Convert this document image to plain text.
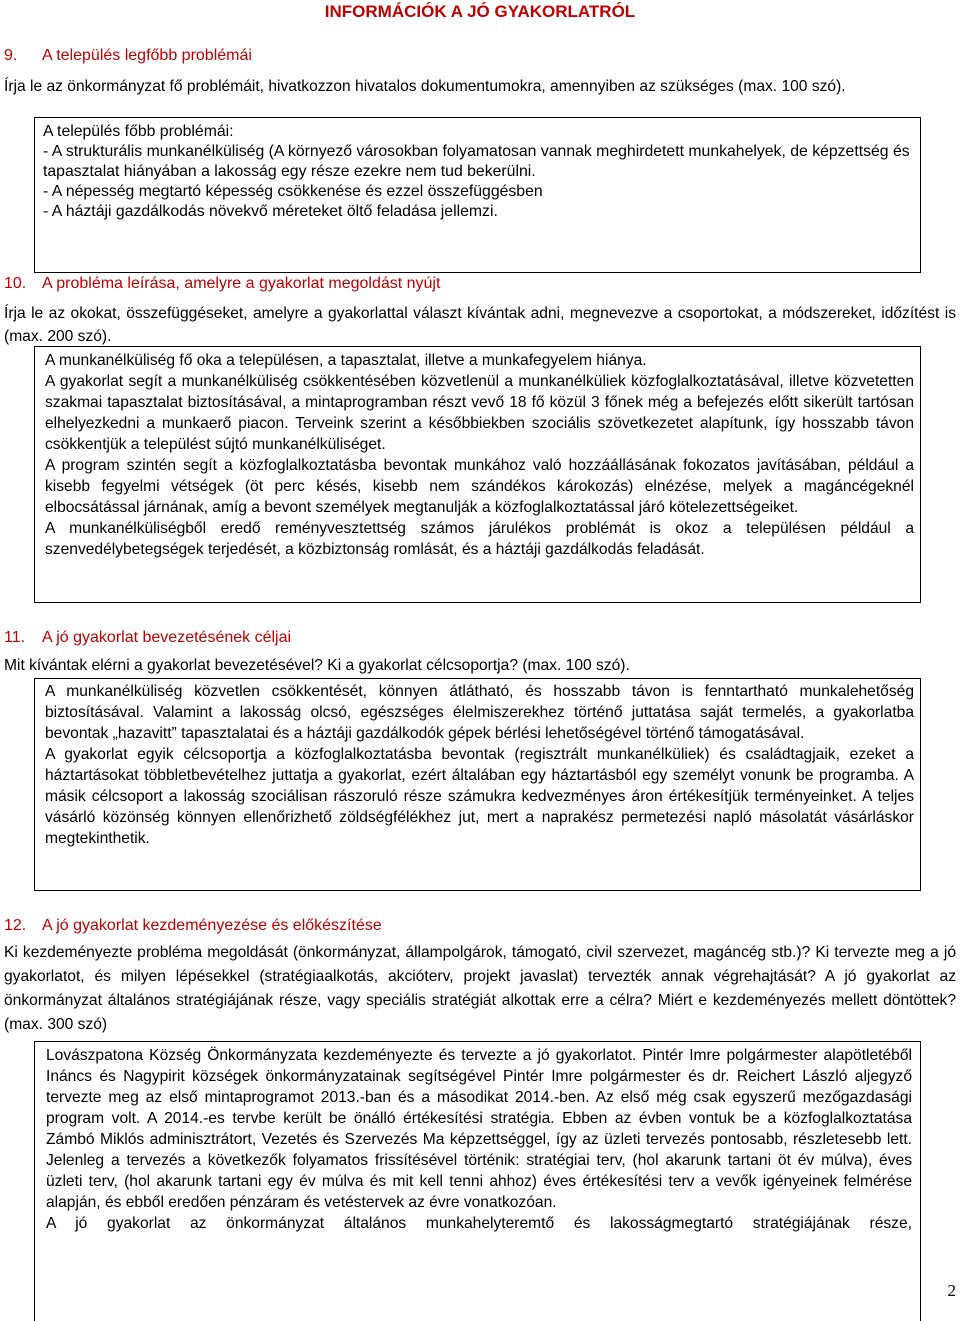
INFORMÁCIÓK A JÓ GYAKORLATRÓL
9. A település legfőbb problémái
Írja le az önkormányzat fő problémáit, hivatkozzon hivatalos dokumentumokra, amennyiben az szükséges (max. 100 szó).

A település főbb problémái:

- A strukturális munkanélküliség (A környező városokban folyamatosan vannak meghirdetett munkahelyek, de képzettség és tapasztalat hiányában a lakosság egy része ezekre nem tud bekerülni.

- A népesség megtartó képesség csökkenése és ezzel összefüggésben

- A háztáji gazdálkodás növekvő méreteket öltő feladása jellemzi.

10. A probléma leírása, amelyre a gyakorlat megoldást nyújt
Írja le az okokat, összefüggéseket, amelyre a gyakorlattal választ kívántak adni, megnevezve a csoportokat, a módszereket, időzítést is (max. 200 szó).

A munkanélküliség fő oka a településen, a tapasztalat, illetve a munkafegyelem hiánya.

A gyakorlat segít a munkanélküliség csökkentésében közvetlenül a munkanélküliek közfoglalkoztatásával, illetve közvetetten szakmai tapasztalat biztosításával, a mintaprogramban részt vevő 18 fő közül 3 főnek még a befejezés előtt sikerült tartósan elhelyezkedni a munkaerő piacon. Terveink szerint a későbbiekben szociális szövetkezetet alapítunk, így hosszabb távon csökkentjük a települést sújtó munkanélküliséget.

A program szintén segít a közfoglalkoztatásba bevontak munkához való hozzáállásának fokozatos javításában, például a kisebb fegyelmi vétségek (öt perc késés, kisebb nem szándékos károkozás) elnézése, melyek a magáncégeknél elbocsátással járnának, amíg a bevont személyek megtanulják a közfoglalkoztatással járó kötelezettségeiket.

A munkanélküliségből eredő reményvesztettség számos járulékos problémát is okoz a településen például a szenvedélybetegségek terjedését, a közbiztonság romlását, és a háztáji gazdálkodás feladását.

11. A jó gyakorlat bevezetésének céljai
Mit kívántak elérni a gyakorlat bevezetésével? Ki a gyakorlat célcsoportja? (max. 100 szó).

A munkanélküliség közvetlen csökkentését, könnyen átlátható, és hosszabb távon is fenntartható munkalehetőség biztosításával. Valamint a lakosság olcsó, egészséges élelmiszerekhez történő juttatása saját termelés, a gyakorlatba bevontak „hazavitt” tapasztalatai és a háztáji gazdálkodók gépek bérlési lehetőségével történő támogatásával.

A gyakorlat egyik célcsoportja a közfoglalkoztatásba bevontak (regisztrált munkanélküliek) és családtagjaik, ezeket a háztartásokat többletbevételhez juttatja a gyakorlat, ezért általában egy háztartásból egy személyt vonunk be programba. A másik célcsoport a lakosság szociálisan rászoruló része számukra kedvezményes áron értékesítjük terményeinket. A teljes vásárló közönség könnyen ellenőrizhető zöldségfélékhez jut, mert a naprakész permetezési napló másolatát vásárláskor megtekinthetik.

12. A jó gyakorlat kezdeményezése és előkészítése
Ki kezdeményezte probléma megoldását (önkormányzat, állampolgárok, támogató, civil szervezet, magáncég stb.)? Ki tervezte meg a jó gyakorlatot, és milyen lépésekkel (stratégiaalkotás, akcióterv, projekt javaslat) tervezték annak végrehajtását? A jó gyakorlat az önkormányzat általános stratégiájának része, vagy speciális stratégiát alkottak erre a célra? Miért e kezdeményezés mellett döntöttek? (max. 300 szó)

Lovászpatona Község Önkormányzata kezdeményezte és tervezte a jó gyakorlatot. Pintér Imre polgármester alapötletéből Ináncs és Nagypirit községek önkormányzatainak segítségével Pintér Imre polgármester és dr. Reichert László aljegyző tervezte meg az első mintaprogramot 2013.-ban és a másodikat 2014.-ben. Az első még csak egyszerű mezőgazdasági program volt. A 2014.-es tervbe került be önálló értékesítési stratégia. Ebben az évben vontuk be a közfoglalkoztatása Zámbó Miklós adminisztrátort, Vezetés és Szervezés Ma képzettséggel, így az üzleti tervezés pontosabb, részletesebb lett. Jelenleg a tervezés a következők folyamatos frissítésével történik: stratégiai terv, (hol akarunk tartani öt év múlva), éves üzleti terv, (hol akarunk tartani egy év múlva és mit kell tenni ahhoz) éves értékesítési terv a vevők igényeinek felmérése alapján, és ebből eredően pénzáram és vetéstervek az évre vonatkozóan.

A jó gyakorlat az önkormányzat általános munkahelyteremtő és lakosságmegtartó stratégiájának része,

2
